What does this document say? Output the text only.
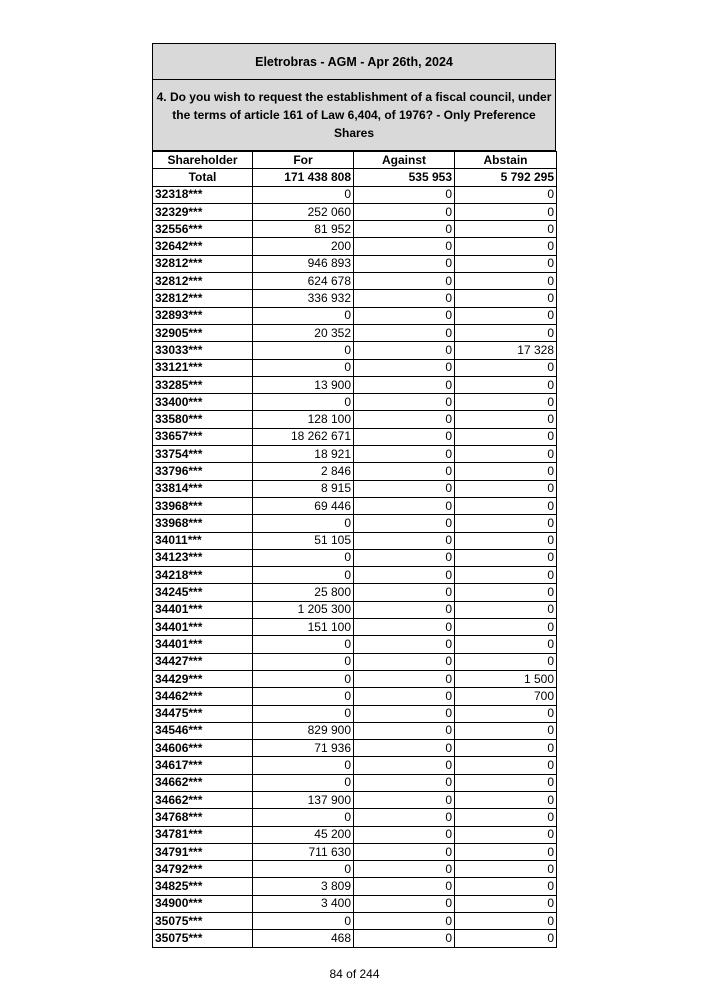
Eletrobras - AGM - Apr 26th, 2024
4. Do you wish to request the establishment of a fiscal council, under
the terms of article 161 of Law 6,404, of 1976? - Only Preference Shares
Shareholder	For	Against	Abstain
Total	171 438 808	535 953	5 792 295
32318***	0	0	0
32329***	252 060	0	0
32556***	81 952	0	0
32642***	200	0	0
32812***	946 893	0	0
32812***	624 678	0	0
32812***	336 932	0	0
32893***	0	0	0
32905***	20 352	0	0
33033***	0	0	17 328
33121***	0	0	0
33285***	13 900	0	0
33400***	0	0	0
33580***	128 100	0	0
33657***	18 262 671	0	0
33754***	18 921	0	0
33796***	2 846	0	0
33814***	8 915	0	0
33968***	69 446	0	0
33968***	0	0	0
34011***	51 105	0	0
34123***	0	0	0
34218***	0	0	0
34245***	25 800	0	0
34401***	1 205 300	0	0
34401***	151 100	0	0
34401***	0	0	0
34427***	0	0	0
34429***	0	0	1 500
34462***	0	0	700
34475***	0	0	0
34546***	829 900	0	0
34606***	71 936	0	0
34617***	0	0	0
34662***	0	0	0
34662***	137 900	0	0
34768***	0	0	0
34781***	45 200	0	0
34791***	711 630	0	0
34792***	0	0	0
34825***	3 809	0	0
34900***	3 400	0	0
35075***	0	0	0
35075***	468	0	0
84 of 244
